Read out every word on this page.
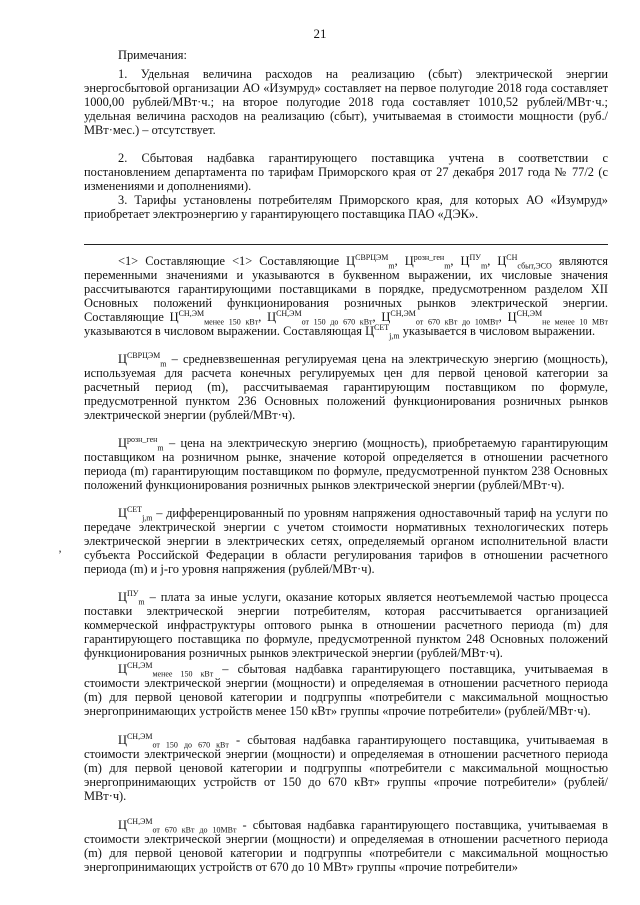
21

Примечания:

1. Удельная величина расходов на реализацию (сбыт) электрической энергии энергосбытовой организации АО «Изумруд» составляет на первое полугодие 2018 года составляет 1000,00 рублей/МВт·ч.; на второе полугодие 2018 года составляет 1010,52 рублей/МВт·ч.; удельная величина расходов на реализацию (сбыт), учитываемая в стоимости мощности (руб./ МВт·мес.) – отсутствует.

2. Сбытовая надбавка гарантирующего поставщика учтена в соответствии с постановлением департамента по тарифам Приморского края от 27 декабря 2017 года № 77/2 (с изменениями и дополнениями).

3. Тарифы установлены потребителям Приморского края, для которых АО «Изумруд» приобретает электроэнергию у гарантирующего поставщика ПАО «ДЭК».

<1> Составляющие <1> Составляющие $Ц^{СВРЦЭМ}_m$, $Ц^{розн\_ген}_m$, $Ц^{ПУ}_m$, $Ц^{СН}_{сбыт,ЭСО}$ являются переменными значениями и указываются в буквенном выражении, их числовые значения рассчитываются гарантирующими поставщиками в порядке, предусмотренном разделом XII Основных положений функционирования розничных рынков электрической энергии. Составляющие $Ц^{СН,ЭМ}_{менее 150 кВт}$, $Ц^{СН,ЭМ}_{от 150 до 670 кВт}$, $Ц^{СН,ЭМ}_{от 670 кВт до 10МВт}$, $Ц^{СН,ЭМ}_{не менее 10 МВт}$ указываются в числовом выражении. Составляющая $Ц^{СЕТ}_{j,m}$ указывается в числовом выражении.

$Ц^{СВРЦЭМ}_m$ – средневзвешенная регулируемая цена на электрическую энергию (мощность), используемая для расчета конечных регулируемых цен для первой ценовой категории за расчетный период (m), рассчитываемая гарантирующим поставщиком по формуле, предусмотренной пунктом 236 Основных положений функционирования розничных рынков электрической энергии (рублей/МВт·ч).

$Ц^{розн\_ген}_m$ – цена на электрическую энергию (мощность), приобретаемую гарантирующим поставщиком на розничном рынке, значение которой определяется в отношении расчетного периода (m) гарантирующим поставщиком по формуле, предусмотренной пунктом 238 Основных положений функционирования розничных рынков электрической энергии (рублей/МВт·ч).

$Ц^{СЕТ}_{j,m}$ – дифференцированный по уровням напряжения одноставочный тариф на услуги по передаче электрической энергии с учетом стоимости нормативных технологических потерь электрической энергии в электрических сетях, определяемый органом исполнительной власти субъекта Российской Федерации в области регулирования тарифов в отношении расчетного периода (m) и j-го уровня напряжения (рублей/МВт·ч).

’

$Ц^{ПУ}_m$ – плата за иные услуги, оказание которых является неотъемлемой частью процесса поставки электрической энергии потребителям, которая рассчитывается организацией коммерческой инфраструктуры оптового рынка в отношении расчетного периода (m) для гарантирующего поставщика по формуле, предусмотренной пунктом 248 Основных положений функционирования розничных рынков электрической энергии (рублей/МВт·ч).

$Ц^{СН,ЭМ}_{менее 150 кВт}$ – сбытовая надбавка гарантирующего поставщика, учитываемая в стоимости электрической энергии (мощности) и определяемая в отношении расчетного периода (m) для первой ценовой категории и подгруппы «потребители с максимальной мощностью энергопринимающих устройств менее 150 кВт» группы «прочие потребители» (рублей/МВт·ч).

$Ц^{СН,ЭМ}_{от 150 до 670 кВт}$ - сбытовая надбавка гарантирующего поставщика, учитываемая в стоимости электрической энергии (мощности) и определяемая в отношении расчетного периода (m) для первой ценовой категории и подгруппы «потребители с максимальной мощностью энергопринимающих устройств от 150 до 670 кВт» группы «прочие потребители» (рублей/МВт·ч).

$Ц^{СН,ЭМ}_{от 670 кВт до 10МВт}$ - сбытовая надбавка гарантирующего поставщика, учитываемая в стоимости электрической энергии (мощности) и определяемая в отношении расчетного периода (m) для первой ценовой категории и подгруппы «потребители с максимальной мощностью энергопринимающих устройств от 670 до 10 МВт» группы «прочие потребители»
